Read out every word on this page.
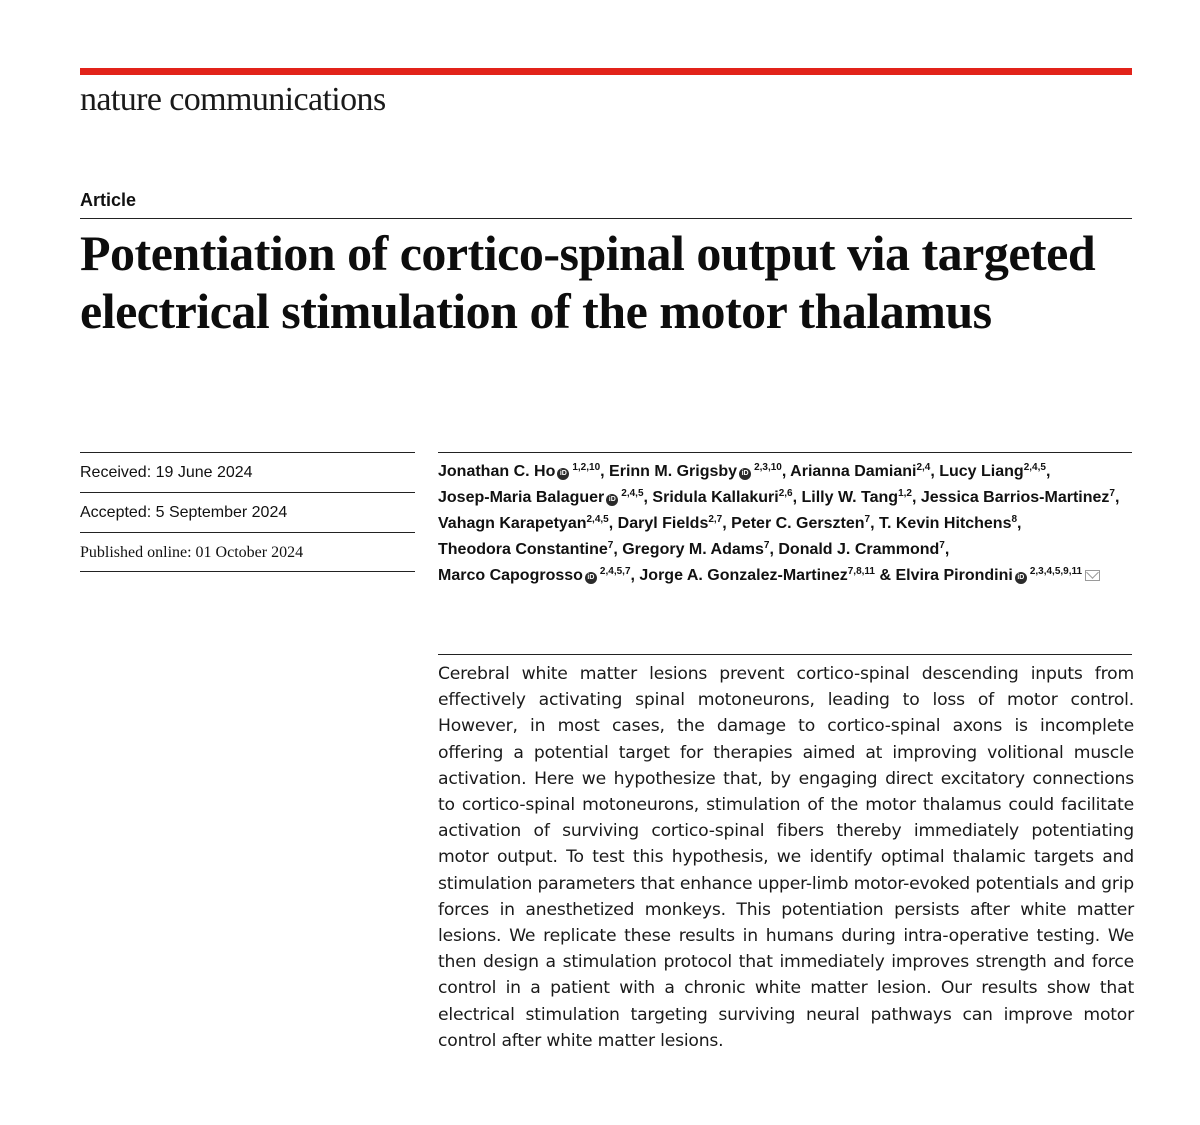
nature communications
Article
Potentiation of cortico-spinal output via targeted electrical stimulation of the motor thalamus
Received: 19 June 2024
Accepted: 5 September 2024
Published online: 01 October 2024
Jonathan C. Ho iD$^{1,2,10}$, Erinn M. Grigsby iD$^{2,3,10}$, Arianna Damiani$^{2,4}$, Lucy Liang$^{2,4,5}$, Josep-Maria Balaguer iD$^{2,4,5}$, Sridula Kallakuri$^{2,6}$, Lilly W. Tang$^{1,2}$, Jessica Barrios-Martinez$^7$, Vahagn Karapetyan$^{2,4,5}$, Daryl Fields$^{2,7}$, Peter C. Gerszten$^7$, T. Kevin Hitchens$^8$, Theodora Constantine$^7$, Gregory M. Adams$^7$, Donald J. Crammond$^7$, Marco Capogrosso iD$^{2,4,5,7}$, Jorge A. Gonzalez-Martinez$^{7,8,11}$ & Elvira Pirondini iD$^{2,3,4,5,9,11}$

Cerebral white matter lesions prevent cortico-spinal descending inputs from effectively activating spinal motoneurons, leading to loss of motor control. However, in most cases, the damage to cortico-spinal axons is incomplete offering a potential target for therapies aimed at improving volitional muscle activation. Here we hypothesize that, by engaging direct excitatory connections to cortico-spinal motoneurons, stimulation of the motor thalamus could facilitate activation of surviving cortico-spinal fibers thereby immediately potentiating motor output. To test this hypothesis, we identify optimal thalamic targets and stimulation parameters that enhance upper-limb motor-evoked potentials and grip forces in anesthetized monkeys. This potentiation persists after white matter lesions. We replicate these results in humans during intra-operative testing. We then design a stimulation protocol that immediately improves strength and force control in a patient with a chronic white matter lesion. Our results show that electrical stimulation targeting surviving neural pathways can improve motor control after white matter lesions.
